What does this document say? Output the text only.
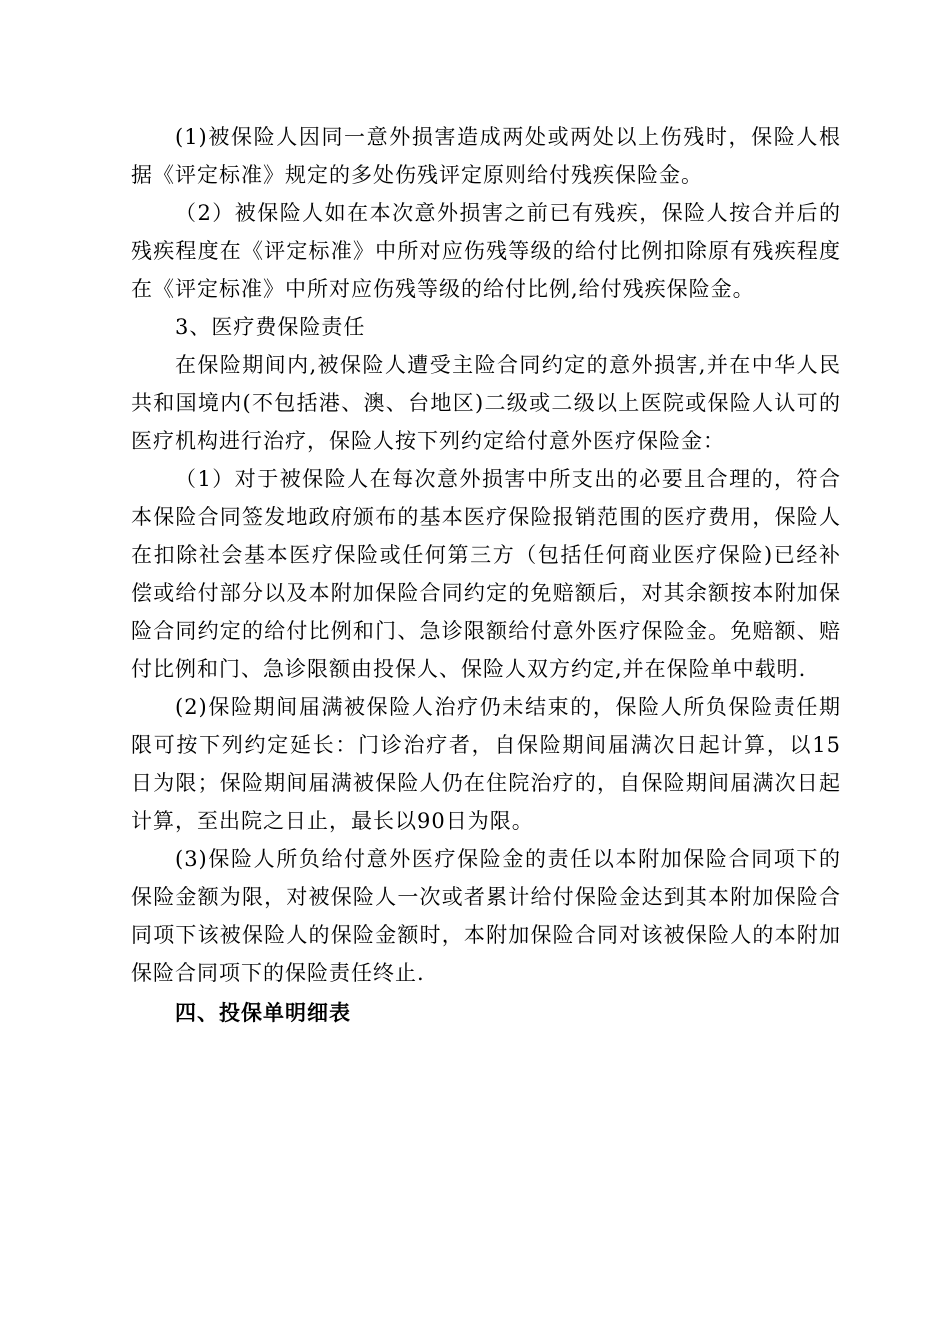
(1)被保险人因同一意外损害造成两处或两处以上伤残时，保险人根据《评定标准》规定的多处伤残评定原则给付残疾保险金。

（2）被保险人如在本次意外损害之前已有残疾，保险人按合并后的残疾程度在《评定标准》中所对应伤残等级的给付比例扣除原有残疾程度在《评定标准》中所对应伤残等级的给付比例,给付残疾保险金。

3、医疗费保险责任

在保险期间内,被保险人遭受主险合同约定的意外损害,并在中华人民共和国境内(不包括港、澳、台地区)二级或二级以上医院或保险人认可的医疗机构进行治疗，保险人按下列约定给付意外医疗保险金：

（1）对于被保险人在每次意外损害中所支出的必要且合理的，符合本保险合同签发地政府颁布的基本医疗保险报销范围的医疗费用，保险人在扣除社会基本医疗保险或任何第三方（包括任何商业医疗保险)已经补偿或给付部分以及本附加保险合同约定的免赔额后，对其余额按本附加保险合同约定的给付比例和门、急诊限额给付意外医疗保险金。免赔额、赔付比例和门、急诊限额由投保人、保险人双方约定,并在保险单中载明.

(2)保险期间届满被保险人治疗仍未结束的，保险人所负保险责任期限可按下列约定延长：门诊治疗者，自保险期间届满次日起计算，以15日为限；保险期间届满被保险人仍在住院治疗的，自保险期间届满次日起计算，至出院之日止，最长以90日为限。

(3)保险人所负给付意外医疗保险金的责任以本附加保险合同项下的保险金额为限，对被保险人一次或者累计给付保险金达到其本附加保险合同项下该被保险人的保险金额时，本附加保险合同对该被保险人的本附加保险合同项下的保险责任终止.

四、投保单明细表
